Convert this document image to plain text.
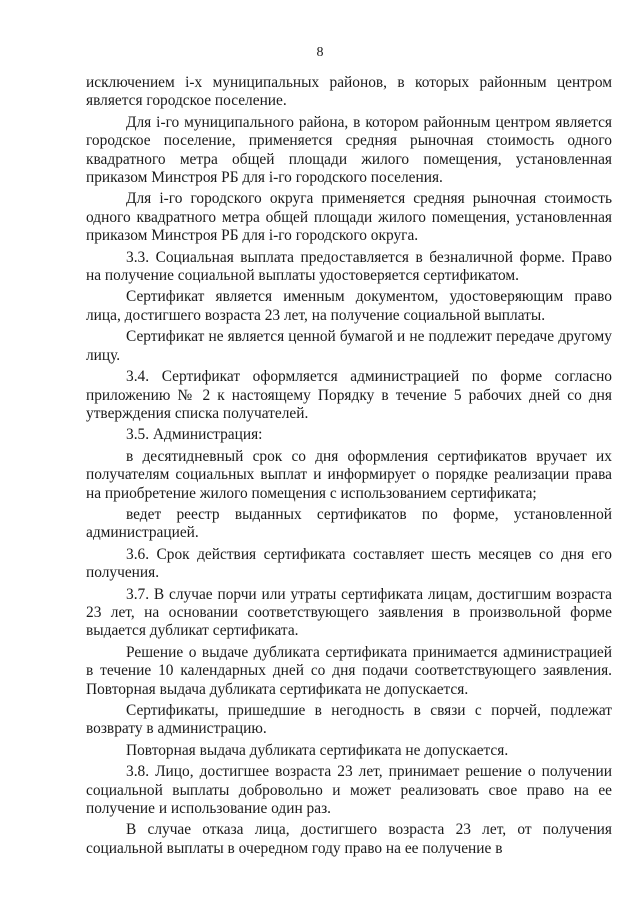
8

исключением i-х муниципальных районов, в которых районным центром является городское поселение.

Для i-го муниципального района, в котором районным центром является городское поселение, применяется средняя рыночная стоимость одного квадратного метра общей площади жилого помещения, установленная приказом Минстроя РБ для i-го городского поселения.

Для i-го городского округа применяется средняя рыночная стоимость одного квадратного метра общей площади жилого помещения, установленная приказом Минстроя РБ для i-го городского округа.

3.3. Социальная выплата предоставляется в безналичной форме. Право на получение социальной выплаты удостоверяется сертификатом.

Сертификат является именным документом, удостоверяющим право лица, достигшего возраста 23 лет, на получение социальной выплаты.

Сертификат не является ценной бумагой и не подлежит передаче другому лицу.

3.4. Сертификат оформляется администрацией по форме согласно приложению № 2 к настоящему Порядку в течение 5 рабочих дней со дня утверждения списка получателей.

3.5. Администрация:

в десятидневный срок со дня оформления сертификатов вручает их получателям социальных выплат и информирует о порядке реализации права на приобретение жилого помещения с использованием сертификата;

ведет реестр выданных сертификатов по форме, установленной администрацией.

3.6. Срок действия сертификата составляет шесть месяцев со дня его получения.

3.7. В случае порчи или утраты сертификата лицам, достигшим возраста 23 лет, на основании соответствующего заявления в произвольной форме выдается дубликат сертификата.

Решение о выдаче дубликата сертификата принимается администрацией в течение 10 календарных дней со дня подачи соответствующего заявления. Повторная выдача дубликата сертификата не допускается.

Сертификаты, пришедшие в негодность в связи с порчей, подлежат возврату в администрацию.

Повторная выдача дубликата сертификата не допускается.

3.8. Лицо, достигшее возраста 23 лет, принимает решение о получении социальной выплаты добровольно и может реализовать свое право на ее получение и использование один раз.

В случае отказа лица, достигшего возраста 23 лет, от получения социальной выплаты в очередном году право на ее получение в
